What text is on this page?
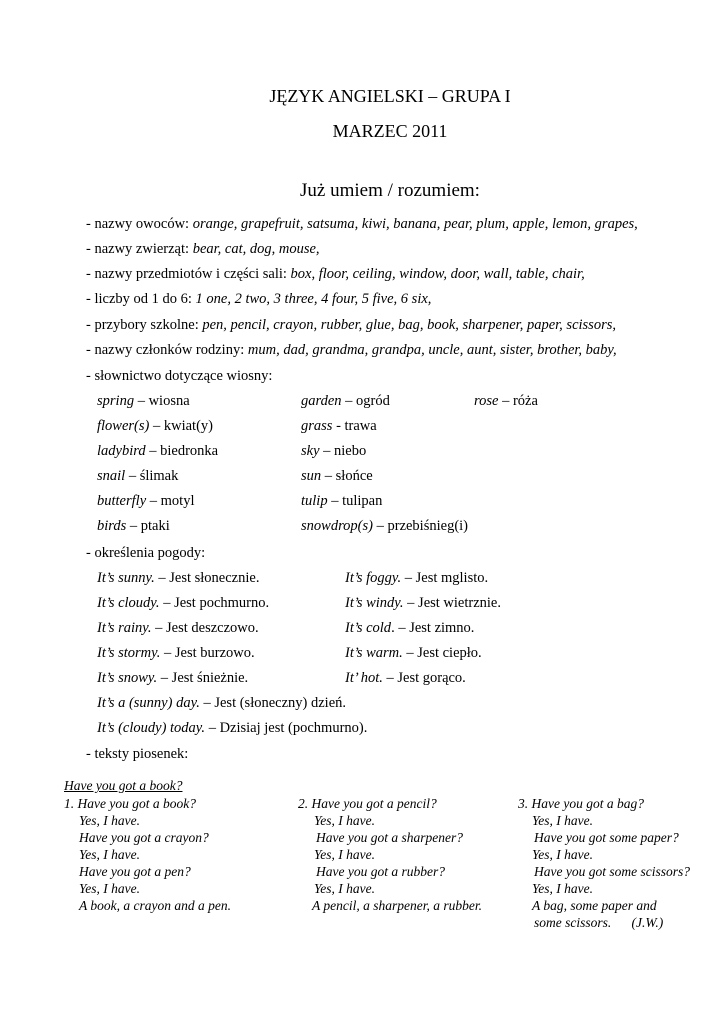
JĘZYK ANGIELSKI – GRUPA I
MARZEC 2011
Już umiem / rozumiem:
- nazwy owoców: orange, grapefruit, satsuma, kiwi, banana, pear, plum, apple, lemon, grapes,
- nazwy zwierząt: bear, cat, dog, mouse,
- nazwy przedmiotów i części sali: box, floor, ceiling, window, door, wall, table, chair,
- liczby od 1 do 6: 1 one, 2 two, 3 three, 4 four, 5 five, 6 six,
- przybory szkolne: pen, pencil, crayon, rubber, glue, bag, book, sharpener, paper, scissors,
- nazwy członków rodziny: mum, dad, grandma, grandpa, uncle, aunt, sister, brother, baby,
- słownictwo dotyczące wiosny:
spring – wiosna
flower(s) – kwiat(y)
ladybird – biedronka
snail – ślimak
butterfly – motyl
birds – ptaki
garden – ogród
grass - trawa
sky – niebo
sun – słońce
tulip – tulipan
snowdrop(s) – przebiśnieg(i)
rose – róża
- określenia pogody:
It’s sunny. – Jest słonecznie.
It’s cloudy. – Jest pochmurno.
It’s rainy. – Jest deszczowo.
It’s stormy. – Jest burzowo.
It’s snowy. – Jest śnieżnie.
It’s foggy. – Jest mglisto.
It’s windy. – Jest wietrznie.
It’s cold. – Jest zimno.
It’s warm. – Jest ciepło.
It’ hot. – Jest gorąco.
It’s a (sunny) day. – Jest (słoneczny) dzień.
It’s (cloudy) today. – Dzisiaj jest (pochmurno).
- teksty piosenek:
Have you got a book?
1. Have you got a book?
Yes, I have.
Have you got a crayon?
Yes, I have.
Have you got a pen?
Yes, I have.
A book, a crayon and a pen.
2. Have you got a pencil?
Yes, I have.
Have you got a sharpener?
Yes, I have.
Have you got a rubber?
Yes, I have.
A pencil, a sharpener, a rubber.
3. Have you got a bag?
Yes, I have.
Have you got some paper?
Yes, I have.
Have you got some scissors?
Yes, I have.
A bag, some paper and
some scissors.      (J.W.)
